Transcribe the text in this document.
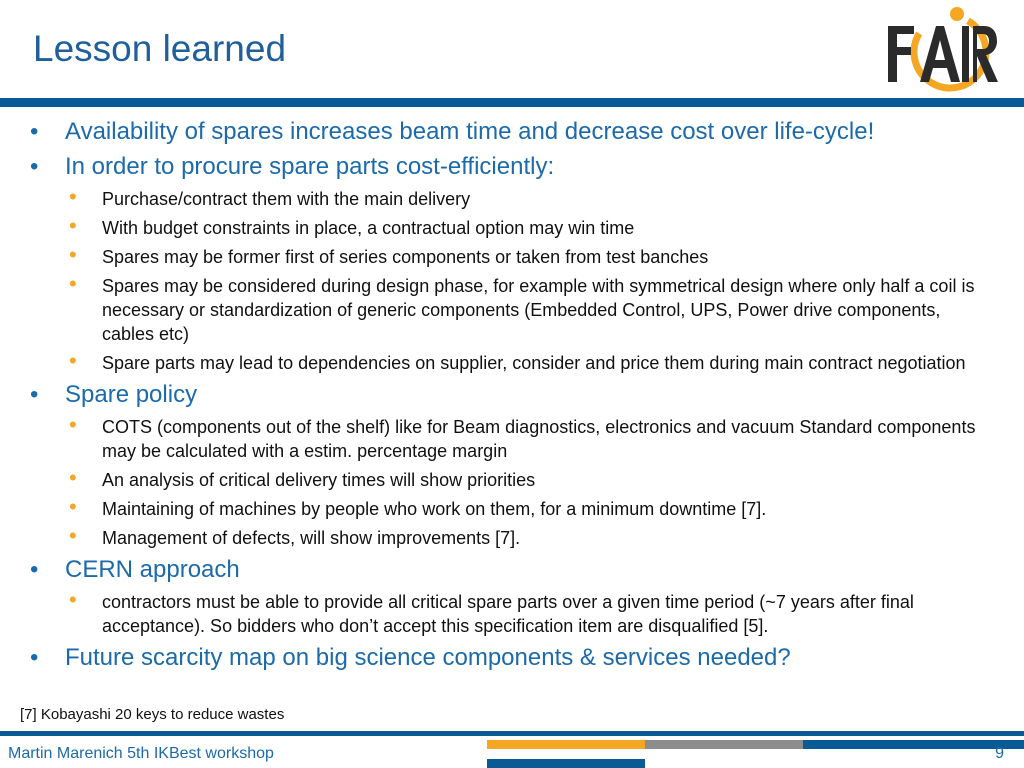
Lesson learned
• Availability of spares increases beam time and decrease cost over life-cycle!
• In order to procure spare parts cost-efficiently:
• Purchase/contract them with the main delivery
• With budget constraints in place, a contractual option may win time
• Spares may be former first of series components or taken from test banches
• Spares may be considered during design phase, for example with symmetrical design where only half a coil is necessary or standardization of generic components (Embedded Control, UPS, Power drive components, cables etc)
• Spare parts may lead to dependencies on supplier, consider and price them during main contract negotiation
• Spare policy
• COTS (components out of the shelf) like for Beam diagnostics, electronics and vacuum Standard components may be calculated with a estim. percentage margin
• An analysis of critical delivery times will show priorities
• Maintaining of machines by people who work on them, for a minimum downtime [7].
• Management of defects, will show improvements [7].
• CERN approach
• contractors must be able to provide all critical spare parts over a given time period (~7 years after final acceptance). So bidders who don’t accept this specification item are disqualified [5].
• Future scarcity map on big science components & services needed?
[7] Kobayashi 20 keys to reduce wastes
Martin Marenich 5th IKBest workshop	9
